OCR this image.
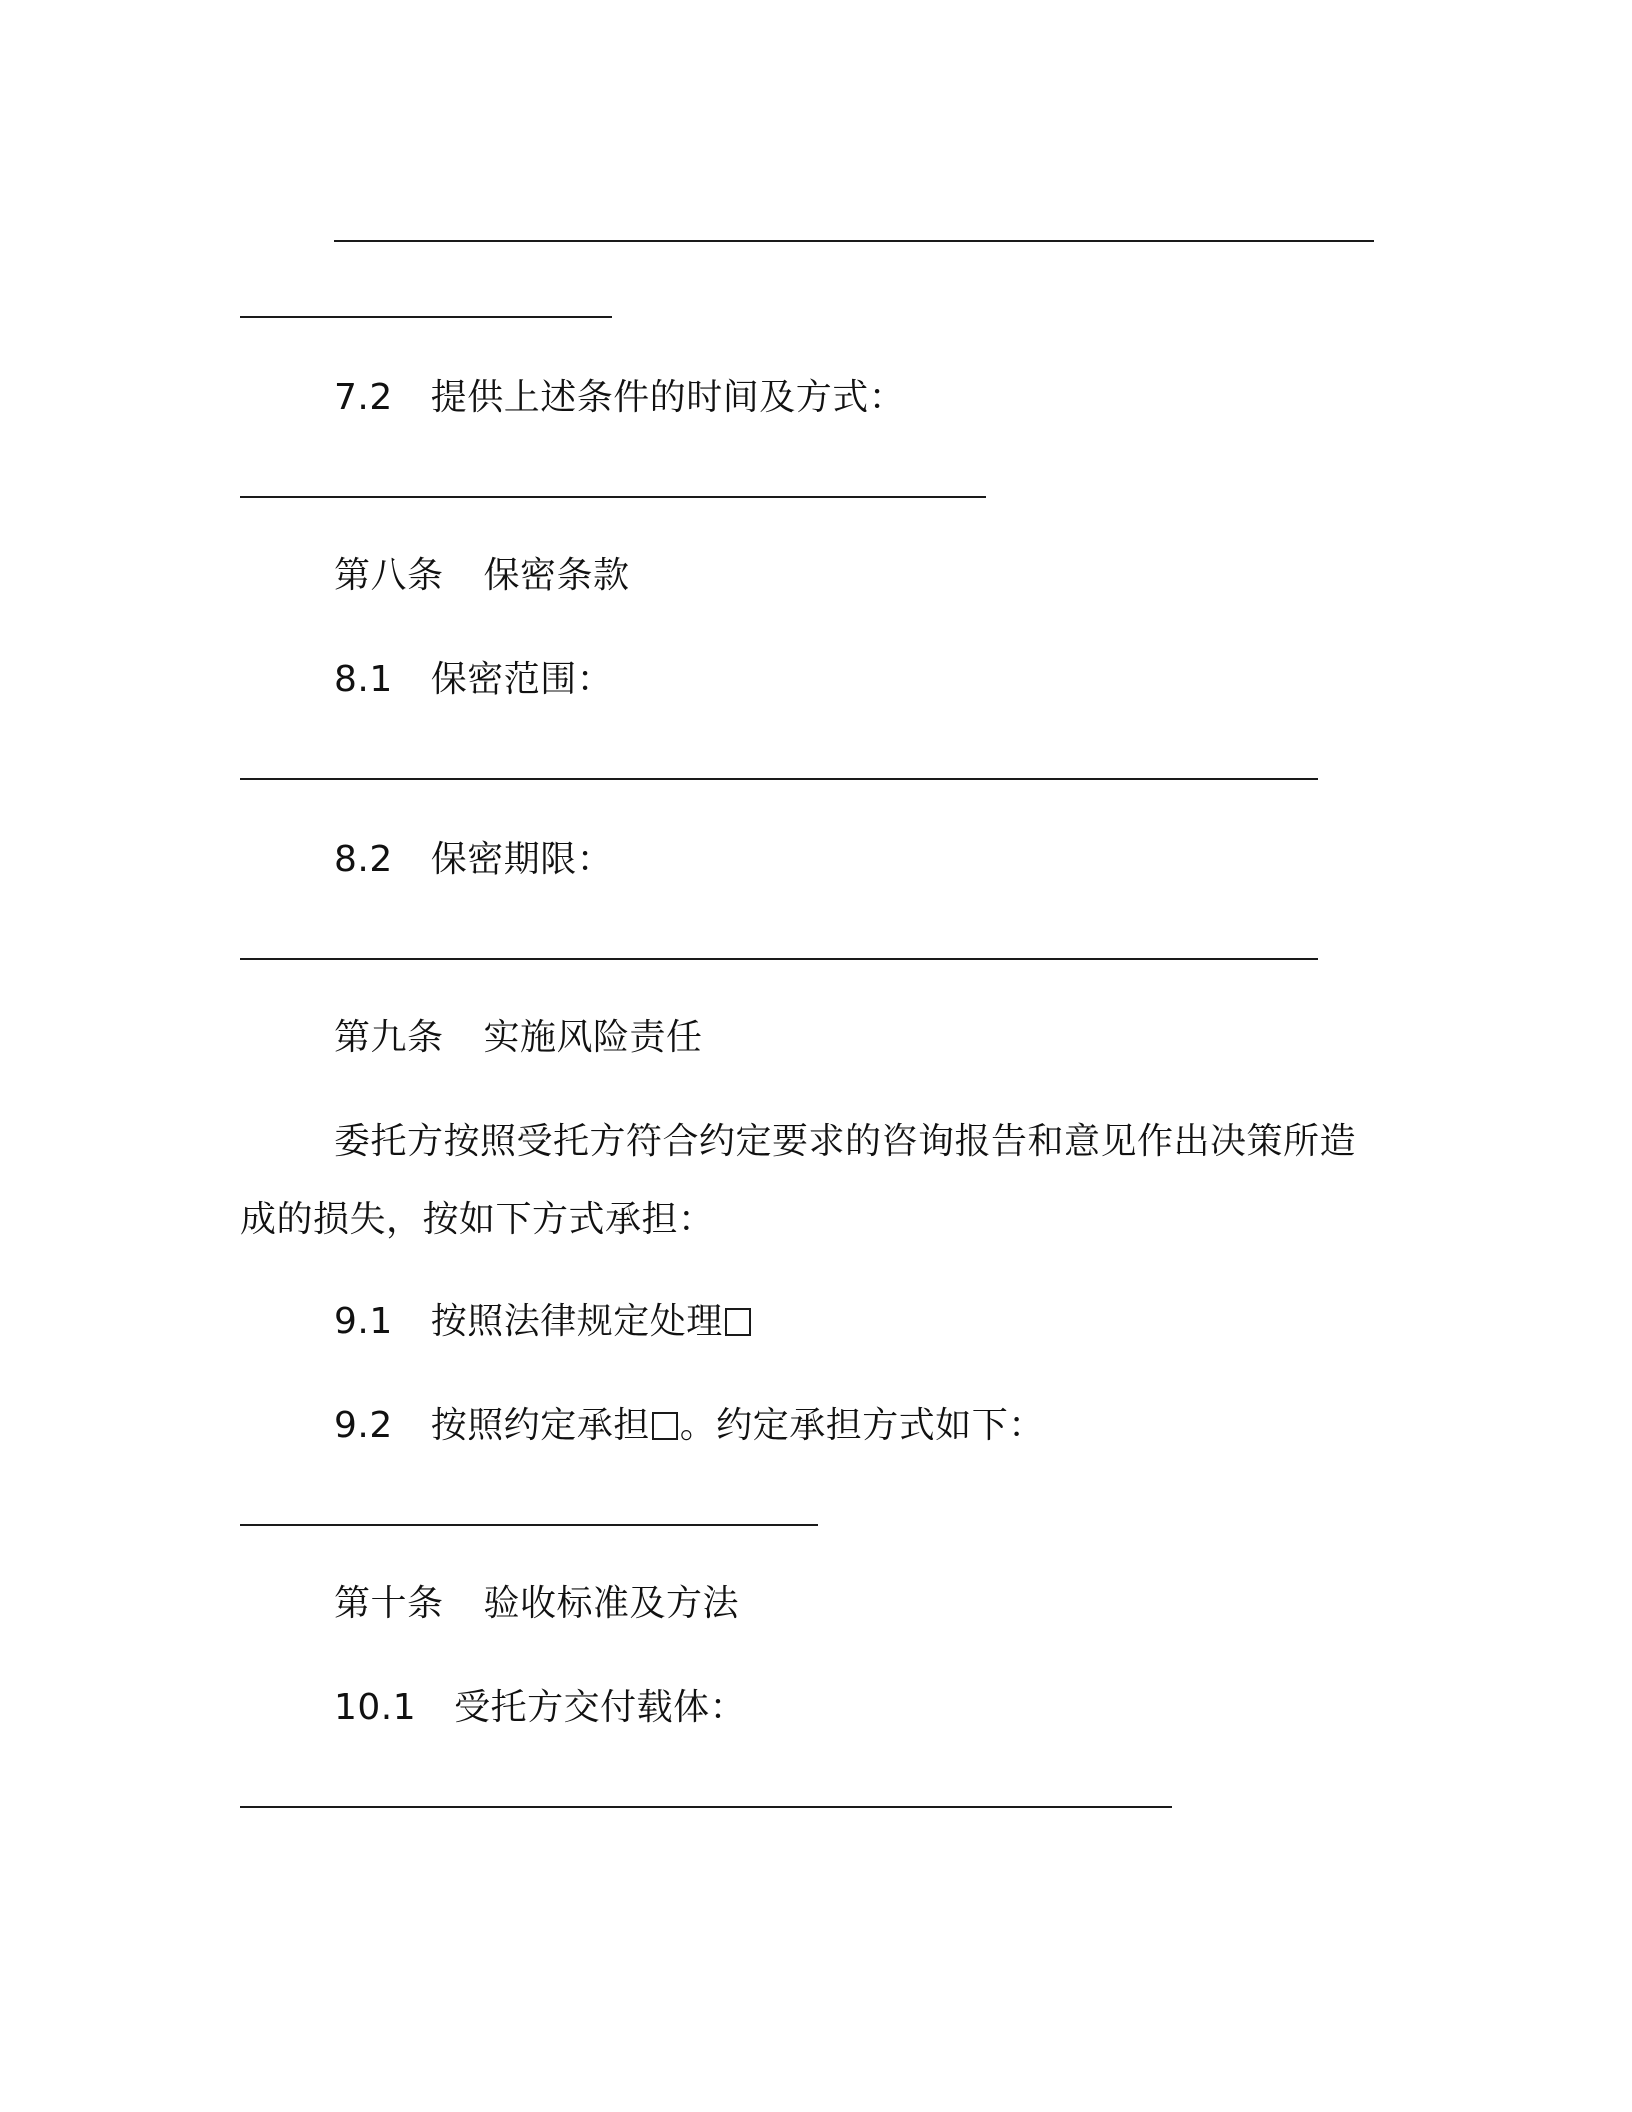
7.2 提供上述条件的时间及方式：
第八条 保密条款
8.1 保密范围：
8.2 保密期限：
第九条 实施风险责任
委托方按照受托方符合约定要求的咨询报告和意见作出决策所造
成的损失，按如下方式承担：
9.1 按照法律规定处理
9.2 按照约定承担 。约定承担方式如下：
第十条 验收标准及方法
10.1 受托方交付载体：
